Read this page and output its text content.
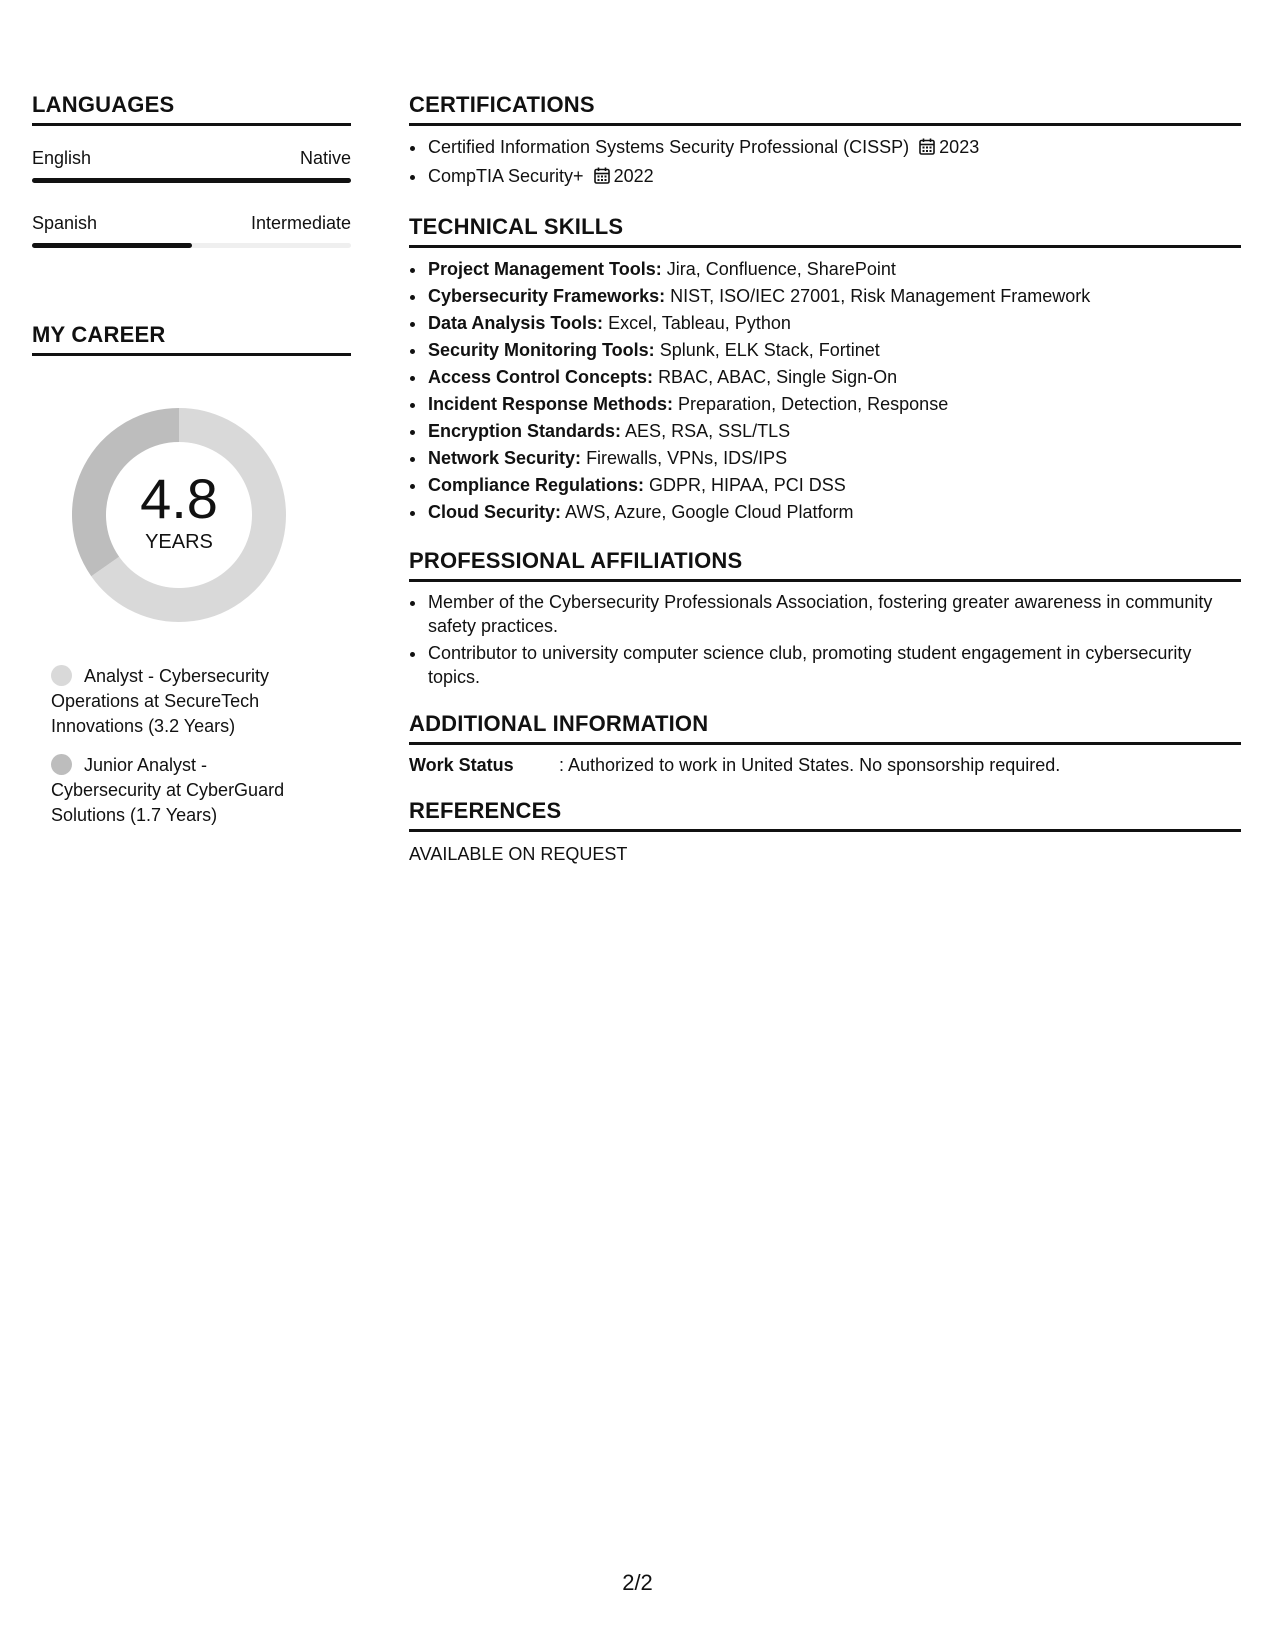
LANGUAGES
English	Native
Spanish	Intermediate
MY CAREER
4.8
YEARS
Analyst - Cybersecurity Operations at SecureTech Innovations (3.2 Years)
Junior Analyst - Cybersecurity at CyberGuard Solutions (1.7 Years)
CERTIFICATIONS
• Certified Information Systems Security Professional (CISSP) 2023
• CompTIA Security+ 2022
TECHNICAL SKILLS
• Project Management Tools: Jira, Confluence, SharePoint
• Cybersecurity Frameworks: NIST, ISO/IEC 27001, Risk Management Framework
• Data Analysis Tools: Excel, Tableau, Python
• Security Monitoring Tools: Splunk, ELK Stack, Fortinet
• Access Control Concepts: RBAC, ABAC, Single Sign-On
• Incident Response Methods: Preparation, Detection, Response
• Encryption Standards: AES, RSA, SSL/TLS
• Network Security: Firewalls, VPNs, IDS/IPS
• Compliance Regulations: GDPR, HIPAA, PCI DSS
• Cloud Security: AWS, Azure, Google Cloud Platform
PROFESSIONAL AFFILIATIONS
• Member of the Cybersecurity Professionals Association, fostering greater awareness in community safety practices.
• Contributor to university computer science club, promoting student engagement in cybersecurity topics.
ADDITIONAL INFORMATION
Work Status	: Authorized to work in United States. No sponsorship required.
REFERENCES
AVAILABLE ON REQUEST
2/2
